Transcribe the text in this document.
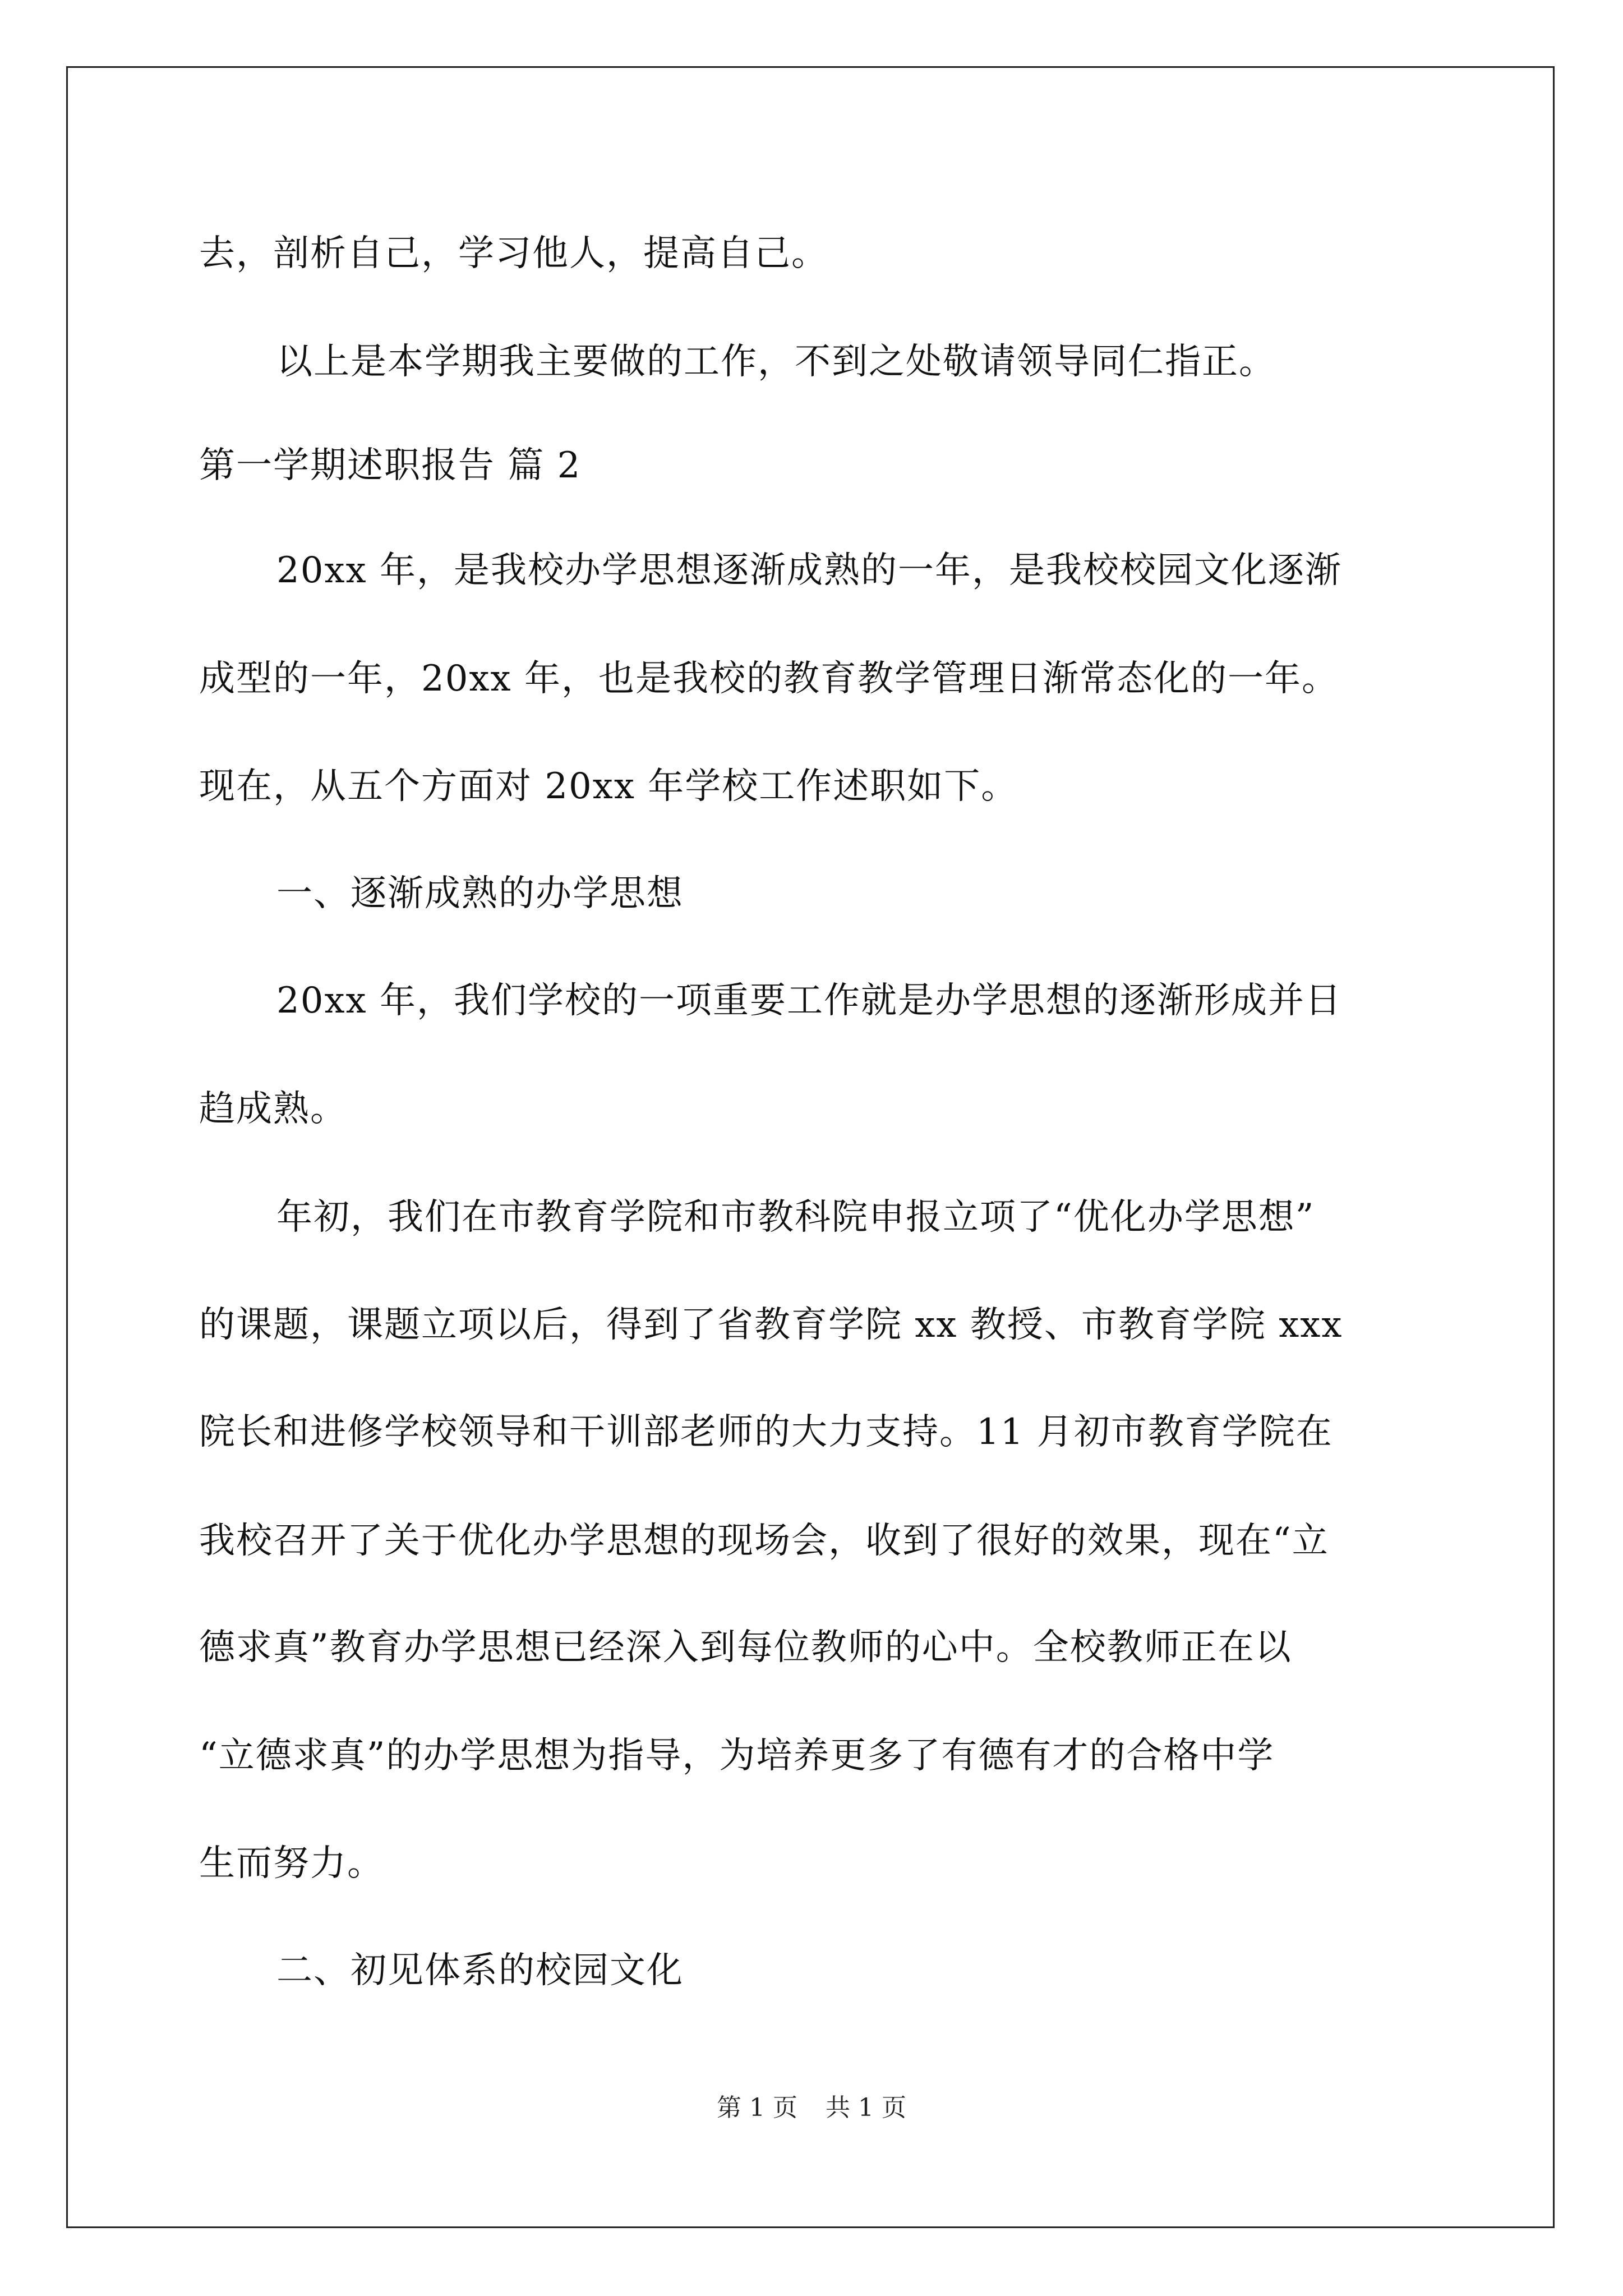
去，剖析自己，学习他人，提高自己。
以上是本学期我主要做的工作，不到之处敬请领导同仁指正。
第一学期述职报告 篇 2
20xx 年，是我校办学思想逐渐成熟的一年，是我校校园文化逐渐
成型的一年，20xx 年，也是我校的教育教学管理日渐常态化的一年。
现在，从五个方面对 20xx 年学校工作述职如下。
一、逐渐成熟的办学思想
20xx 年，我们学校的一项重要工作就是办学思想的逐渐形成并日
趋成熟。
年初，我们在市教育学院和市教科院申报立项了“优化办学思想”
的课题，课题立项以后，得到了省教育学院 xx 教授、市教育学院 xxx
院长和进修学校领导和干训部老师的大力支持。11 月初市教育学院在
我校召开了关于优化办学思想的现场会，收到了很好的效果，现在“立
德求真”教育办学思想已经深入到每位教师的心中。全校教师正在以
“立德求真”的办学思想为指导，为培养更多了有德有才的合格中学
生而努力。
二、初见体系的校园文化
第 1 页 共 1 页
